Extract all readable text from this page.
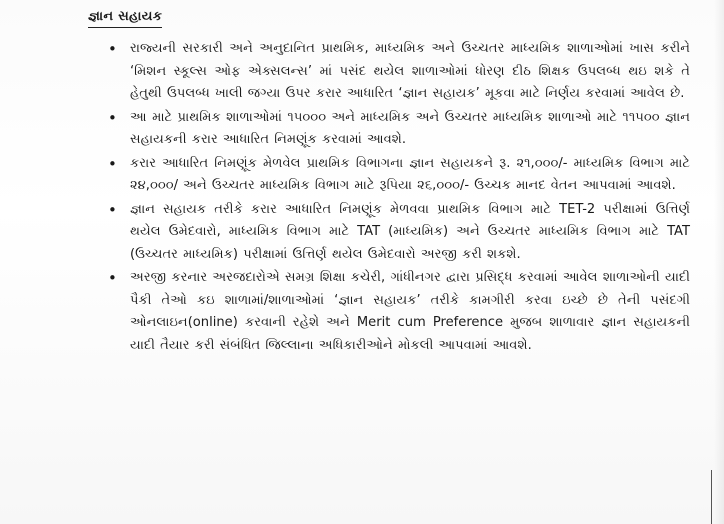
જ્ઞાન સહાયક
• રાજ્યની સરકારી અને અનુદાનિત પ્રાથમિક, માધ્યમિક અને ઉચ્ચતર માધ્યમિક શાળાઓમાં ખાસ કરીને ‘મિશન સ્કૂલ્સ ઓફ એક્સલન્સ’ માં પસંદ થયેલ શાળાઓમાં ધોરણ દીઠ શિક્ષક ઉપલબ્ધ થઇ શકે તે હેતુથી ઉપલબ્ધ ખાલી જગ્યા ઉપર કરાર આધારિત ‘જ્ઞાન સહાયક’ મૂકવા માટે નિર્ણય કરવામાં આવેલ છે.
• આ માટે પ્રાથમિક શાળાઓમાં ૧૫૦૦૦ અને માધ્યમિક અને ઉચ્ચતર માધ્યમિક શાળાઓ માટે ૧૧૫૦૦ જ્ઞાન સહાયકની કરાર આધારિત નિમણૂંક કરવામાં આવશે.
• કરાર આધારિત નિમણૂંક મેળવેલ પ્રાથમિક વિભાગના જ્ઞાન સહાયકને રૂ. ૨૧,૦૦૦/- માધ્યમિક વિભાગ માટે ૨૪,૦૦૦/ અને ઉચ્ચતર માધ્યમિક વિભાગ માટે રૂપિયા ૨૬,૦૦૦/- ઉચ્ચક માનદ વેતન આપવામાં આવશે.
• જ્ઞાન સહાયક તરીકે કરાર આધારિત નિમણૂંક મેળવવા પ્રાથમિક વિભાગ માટે TET-2 પરીક્ષામાં ઉત્તિર્ણ થયેલ ઉમેદવારો, માધ્યમિક વિભાગ માટે TAT (માધ્યમિક) અને ઉચ્ચતર માધ્યમિક વિભાગ માટે TAT (ઉચ્ચતર માધ્યમિક) પરીક્ષામાં ઉત્તિર્ણ થયેલ ઉમેદવારો અરજી કરી શકશે.
• અરજી કરનાર અરજદારોએ સમગ્ર શિક્ષા કચેરી, ગાંધીનગર દ્વારા પ્રસિદ્ધ કરવામાં આવેલ શાળાઓની યાદી પૈકી તેઓ કઇ શાળામાં/શાળાઓમાં ‘જ્ઞાન સહાયક’ તરીકે કામગીરી કરવા ઇચ્છે છે તેની પસંદગી ઓનલાઇન(online) કરવાની રહેશે અને Merit cum Preference મુજબ શાળાવાર જ્ઞાન સહાયકની યાદી તૈયાર કરી સંબંધિત જિલ્લાના અધિકારીઓને મોકલી આપવામાં આવશે.
